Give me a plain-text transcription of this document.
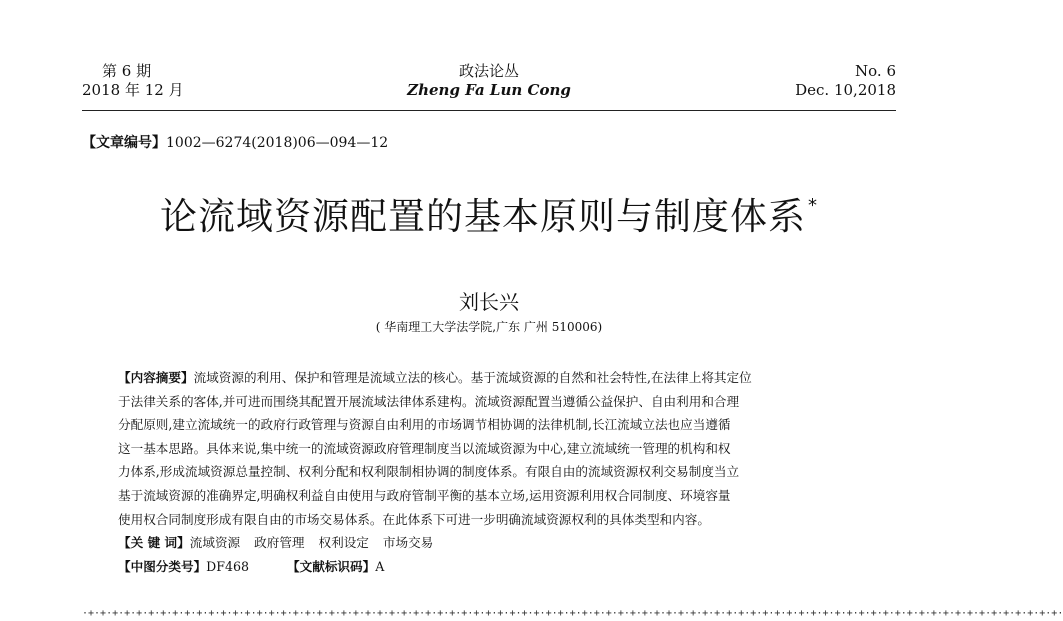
第 6 期
2018 年 12 月
政法论丛
Zheng Fa Lun Cong
No. 6
Dec. 10,2018
【文章编号】1002—6274(2018)06—094—12
论流域资源配置的基本原则与制度体系 *
刘长兴
( 华南理工大学法学院,广东 广州 510006)
【内容摘要】流域资源的利用、保护和管理是流域立法的核心。基于流域资源的自然和社会特性,在法律上将其定位
于法律关系的客体,并可进而围绕其配置开展流域法律体系建构。流域资源配置当遵循公益保护、自由利用和合理
分配原则,建立流域统一的政府行政管理与资源自由利用的市场调节相协调的法律机制,长江流域立法也应当遵循
这一基本思路。具体来说,集中统一的流域资源政府管理制度当以流域资源为中心,建立流域统一管理的机构和权
力体系,形成流域资源总量控制、权利分配和权利限制相协调的制度体系。有限自由的流域资源权利交易制度当立
基于流域资源的准确界定,明确权利益自由使用与政府管制平衡的基本立场,运用资源利用权合同制度、环境容量
使用权合同制度形成有限自由的市场交易体系。在此体系下可进一步明确流域资源权利的具体类型和内容。
【关 键 词】流域资源 政府管理 权利设定 市场交易
【中图分类号】DF468	【文献标识码】A
·+·+·+·+·+·+·+·+·+·+·+·+·+·+·+·+·+·+·+·+·+·+·+·+·+·+·+·+·+·+·+·+·+·+·+·+·+·+·+·+·+·+·+·+·+·+·+·+·+·+·+·+·+·+·+·+·+·+·+·+·+·+·+·+·+·+·+·+·+·+·+·+·+·+·+·+·+·+·+·+·+·
